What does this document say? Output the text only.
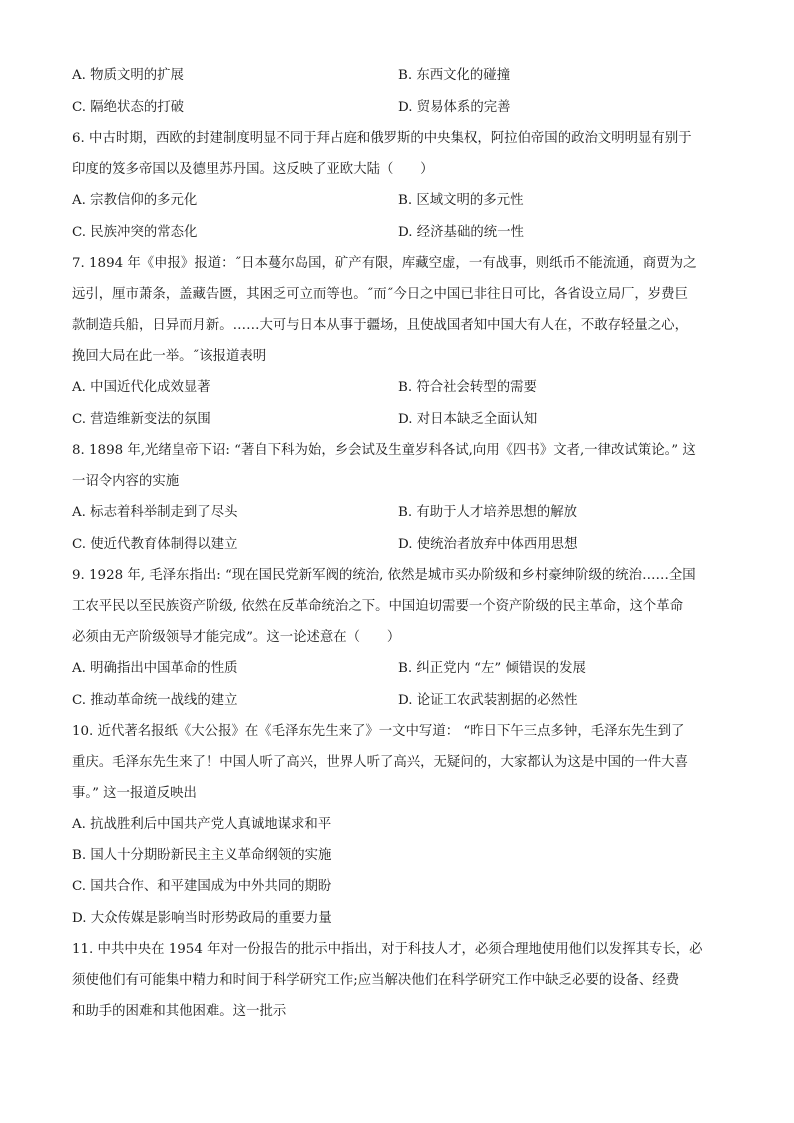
A. 物质文明的扩展	B. 东西文化的碰撞
C. 隔绝状态的打破	D. 贸易体系的完善
6. 中古时期，西欧的封建制度明显不同于拜占庭和俄罗斯的中央集权，阿拉伯帝国的政治文明明显有别于
印度的笈多帝国以及德里苏丹国。这反映了亚欧大陆（　　）
A. 宗教信仰的多元化	B. 区域文明的多元性
C. 民族冲突的常态化	D. 经济基础的统一性
7. 1894 年《申报》报道：˝日本蔓尔岛国，矿产有限，库藏空虚，一有战事，则纸币不能流通，商贾为之
远引，厘市萧条，盖藏告匮，其困乏可立而等也。˝而˝今日之中国已非往日可比，各省设立局厂，岁费巨
款制造兵船，日异而月新。……大可与日本从事于疆场，且使战国者知中国大有人在，不敢存轻量之心，
挽回大局在此一举。˝该报道表明
A. 中国近代化成效显著	B. 符合社会转型的需要
C. 营造维新变法的氛围	D. 对日本缺乏全面认知
8. 1898 年,光绪皇帝下诏: “著自下科为始，乡会试及生童岁科各试,向用《四书》文者,一律改试策论。” 这
一诏令内容的实施
A. 标志着科举制走到了尽头	B. 有助于人才培养思想的解放
C. 使近代教育体制得以建立	D. 使统治者放弃中体西用思想
9. 1928 年, 毛泽东指出: “现在国民党新军阀的统治, 依然是城市买办阶级和乡村豪绅阶级的统治……全国
工农平民以至民族资产阶级, 依然在反革命统治之下。中国迫切需要一个资产阶级的民主革命，这个革命
必须由无产阶级领导才能完成”。这一论述意在（　　）
A. 明确指出中国革命的性质	B. 纠正党内 “左” 倾错误的发展
C. 推动革命统一战线的建立	D. 论证工农武装割据的必然性
10. 近代著名报纸《大公报》在《毛泽东先生来了》一文中写道： “昨日下午三点多钟，毛泽东先生到了
重庆。毛泽东先生来了！中国人听了高兴，世界人听了高兴，无疑问的，大家都认为这是中国的一件大喜
事。” 这一报道反映出
A. 抗战胜利后中国共产党人真诚地谋求和平
B. 国人十分期盼新民主主义革命纲领的实施
C. 国共合作、和平建国成为中外共同的期盼
D. 大众传媒是影响当时形势政局的重要力量
11. 中共中央在 1954 年对一份报告的批示中指出，对于科技人才，必须合理地使用他们以发挥其专长，必
须使他们有可能集中精力和时间于科学研究工作;应当解决他们在科学研究工作中缺乏必要的设备、经费
和助手的困难和其他困难。这一批示
